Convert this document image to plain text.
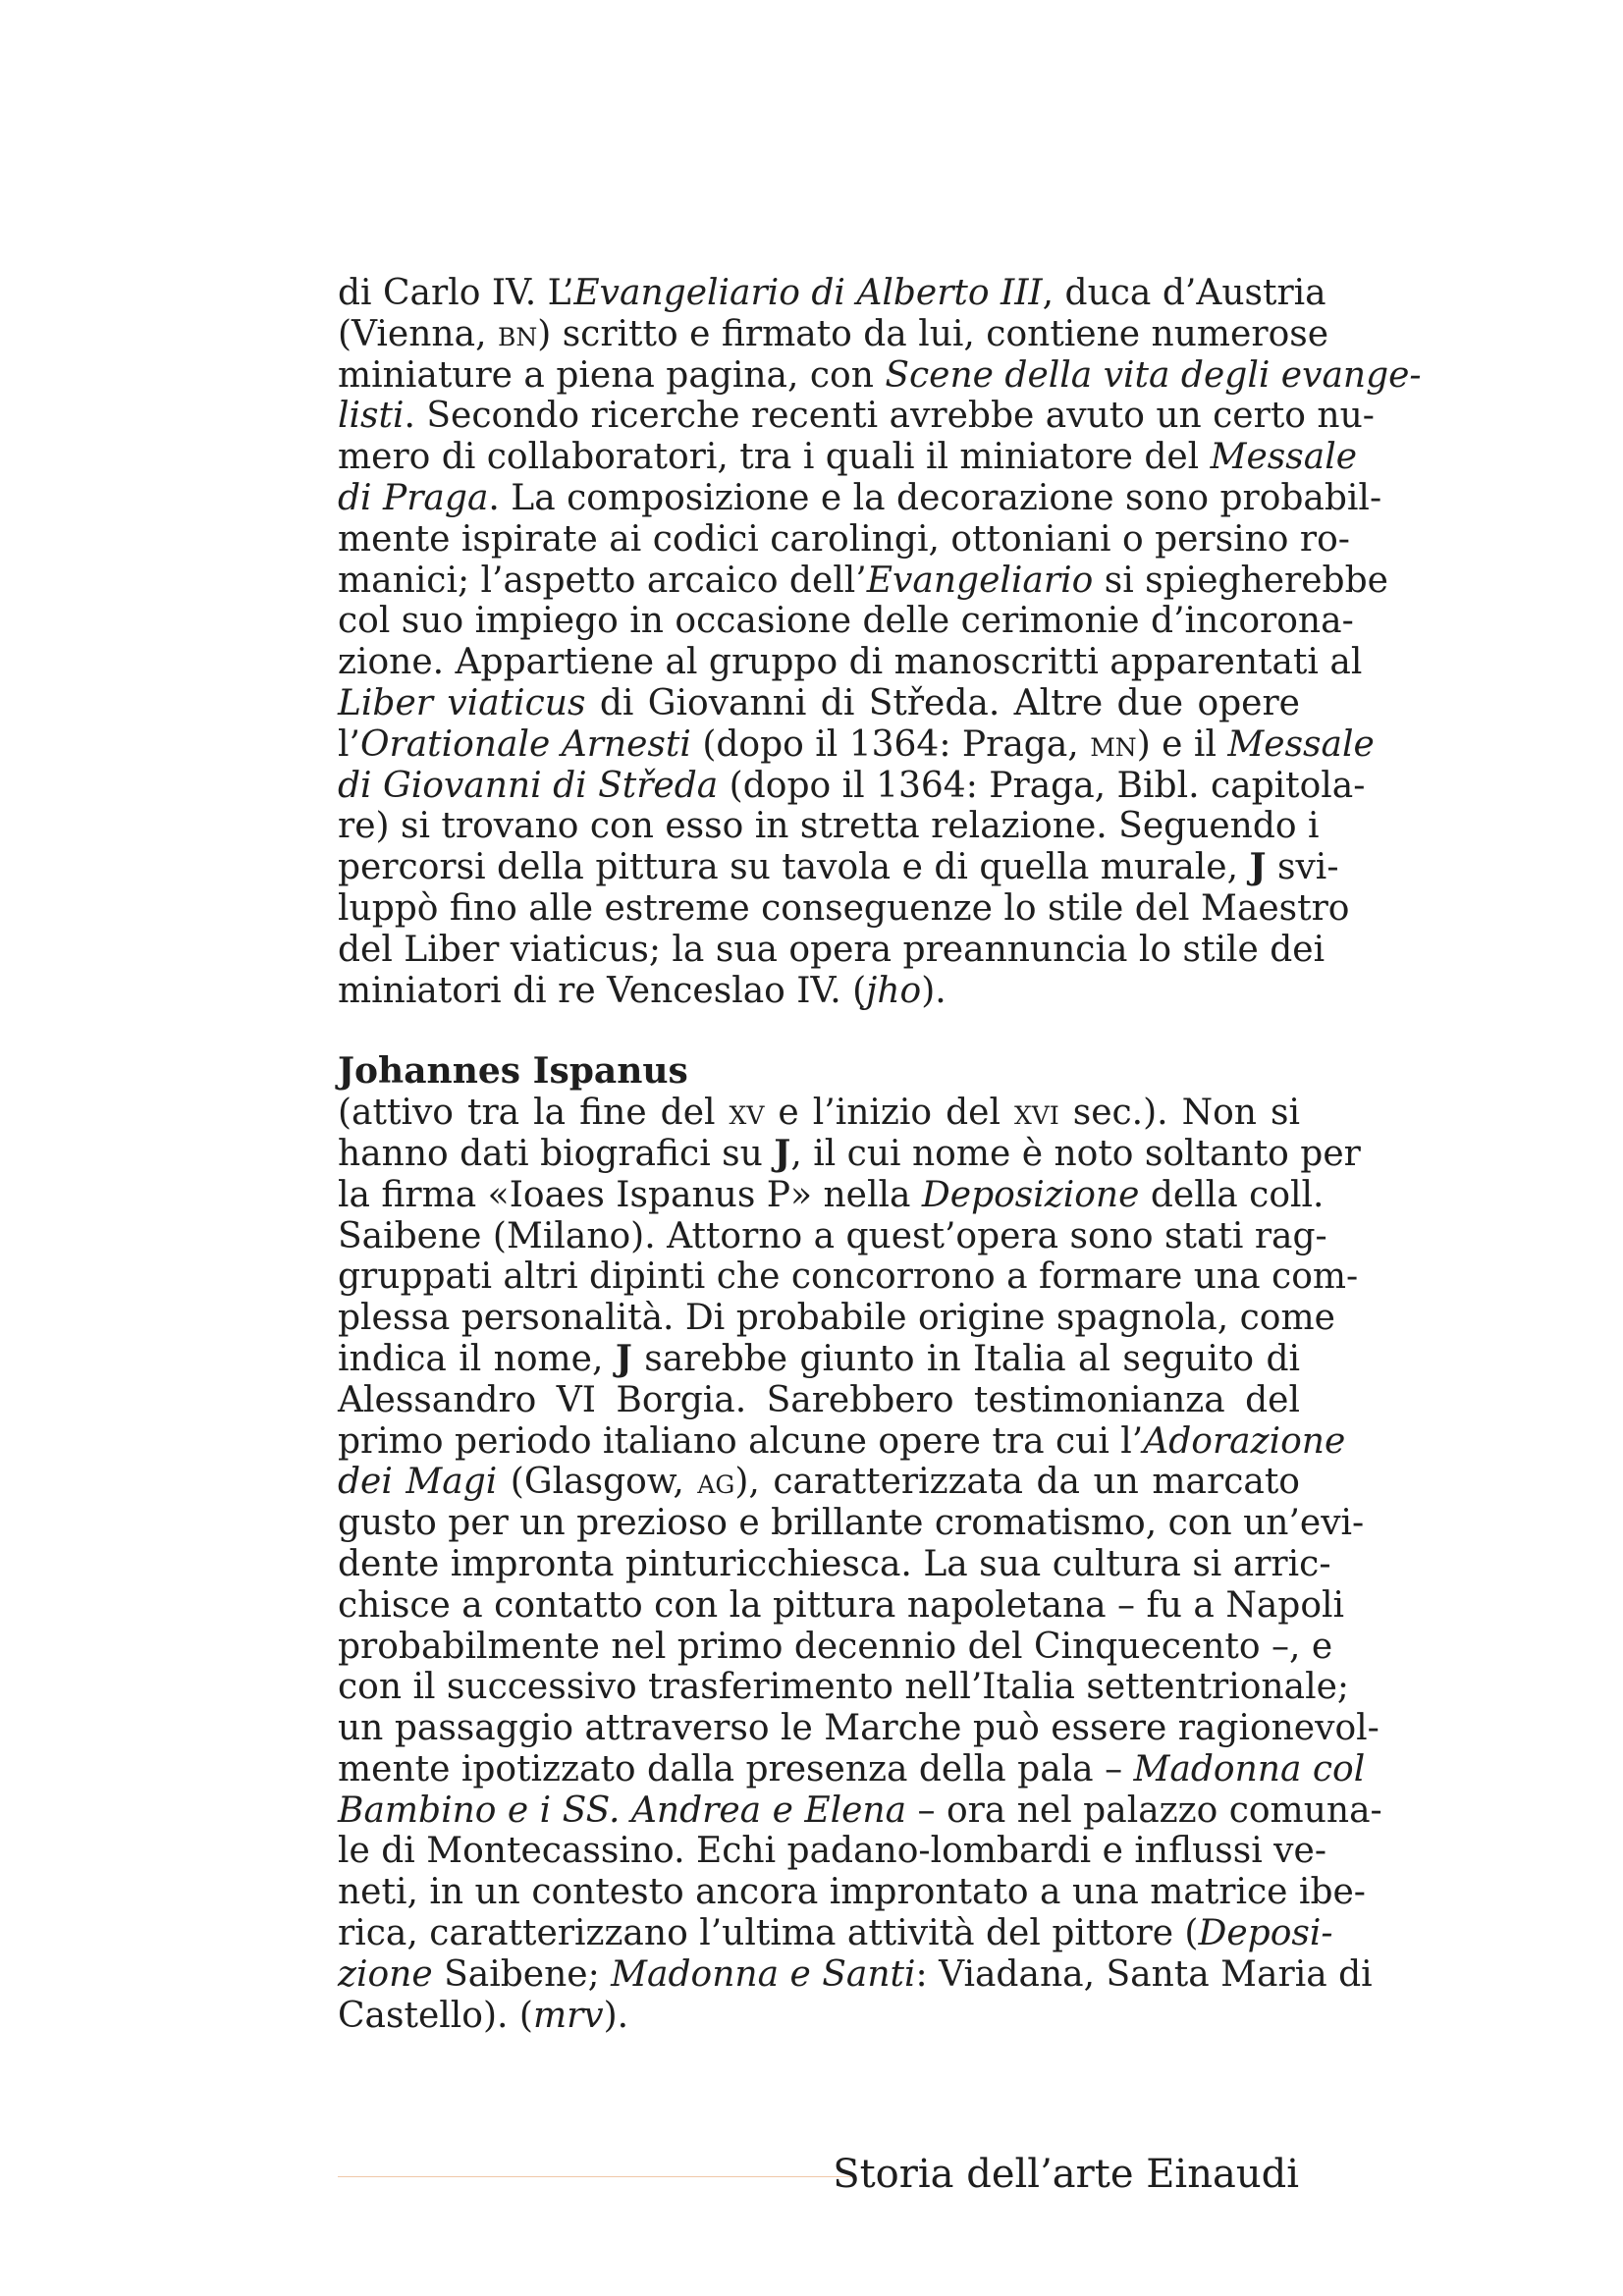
di Carlo IV. L’Evangeliario di Alberto III, duca d’Austria
(Vienna, bn) scritto e firmato da lui, contiene numerose
miniature a piena pagina, con Scene della vita degli evange-
listi. Secondo ricerche recenti avrebbe avuto un certo nu-
mero di collaboratori, tra i quali il miniatore del Messale
di Praga. La composizione e la decorazione sono probabil-
mente ispirate ai codici carolingi, ottoniani o persino ro-
manici; l’aspetto arcaico dell’Evangeliario si spiegherebbe
col suo impiego in occasione delle cerimonie d’incorona-
zione. Appartiene al gruppo di manoscritti apparentati al
Liber viaticus di Giovanni di Středa. Altre due opere
l’Orationale Arnesti (dopo il 1364: Praga, mn) e il Messale
di Giovanni di Středa (dopo il 1364: Praga, Bibl. capitola-
re) si trovano con esso in stretta relazione. Seguendo i
percorsi della pittura su tavola e di quella murale, J svi-
luppò fino alle estreme conseguenze lo stile del Maestro
del Liber viaticus; la sua opera preannuncia lo stile dei
miniatori di re Venceslao IV. (jho).
Johannes Ispanus
(attivo tra la fine del xv e l’inizio del xvi sec.). Non si
hanno dati biografici su J, il cui nome è noto soltanto per
la firma «Ioaes Ispanus P» nella Deposizione della coll.
Saibene (Milano). Attorno a quest’opera sono stati rag-
gruppati altri dipinti che concorrono a formare una com-
plessa personalità. Di probabile origine spagnola, come
indica il nome, J sarebbe giunto in Italia al seguito di
Alessandro VI Borgia. Sarebbero testimonianza del
primo periodo italiano alcune opere tra cui l’Adorazione
dei Magi (Glasgow, ag), caratterizzata da un marcato
gusto per un prezioso e brillante cromatismo, con un’evi-
dente impronta pinturicchiesca. La sua cultura si arric-
chisce a contatto con la pittura napoletana – fu a Napoli
probabilmente nel primo decennio del Cinquecento –, e
con il successivo trasferimento nell’Italia settentrionale;
un passaggio attraverso le Marche può essere ragionevol-
mente ipotizzato dalla presenza della pala – Madonna col
Bambino e i SS. Andrea e Elena – ora nel palazzo comuna-
le di Montecassino. Echi padano-lombardi e influssi ve-
neti, in un contesto ancora improntato a una matrice ibe-
rica, caratterizzano l’ultima attività del pittore (Deposi-
zione Saibene; Madonna e Santi: Viadana, Santa Maria di
Castello). (mrv).
Storia dell’arte Einaudi
